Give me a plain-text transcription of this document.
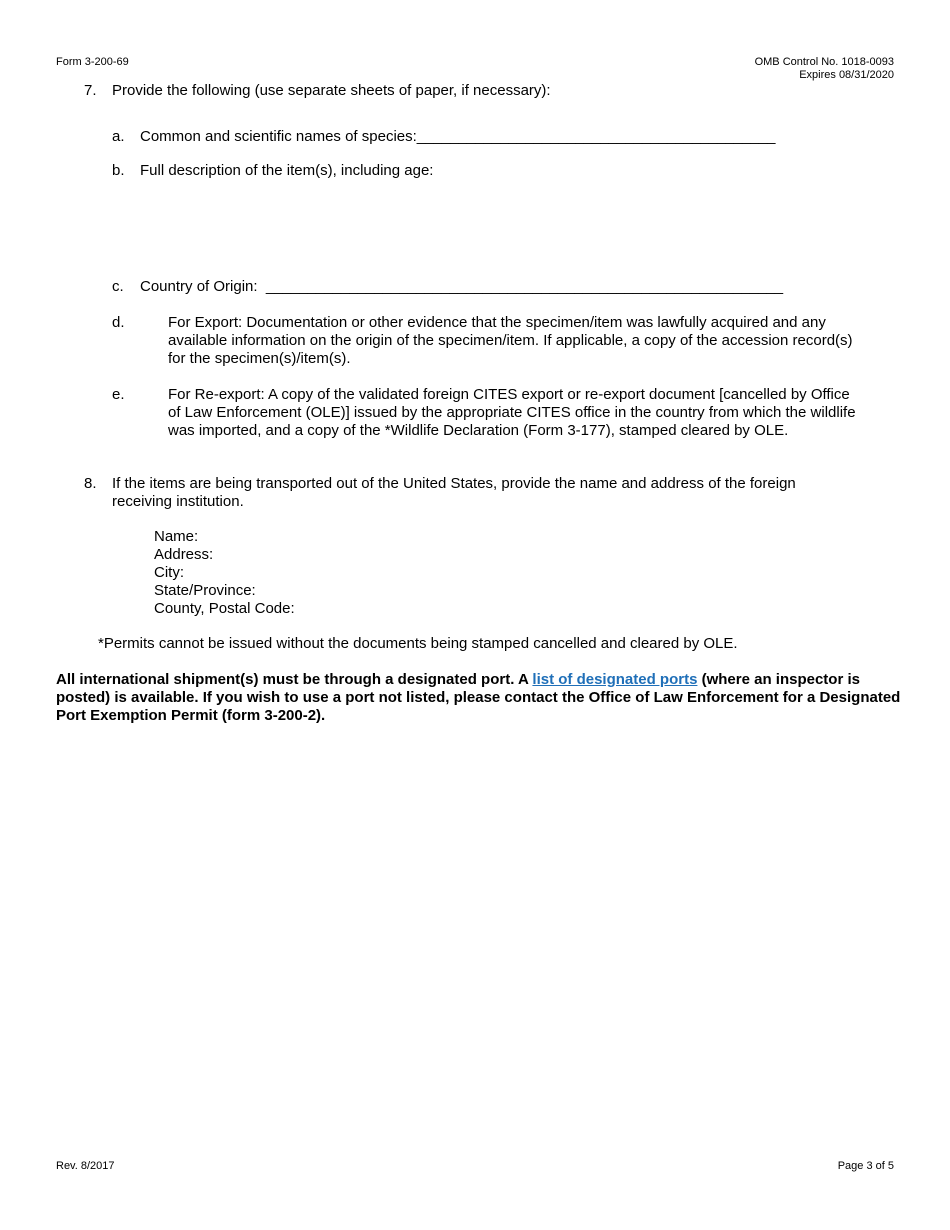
Form 3-200-69	OMB Control No. 1018-0093
Expires 08/31/2020
7. Provide the following (use separate sheets of paper, if necessary):
a. Common and scientific names of species:___________________________________________
b. Full description of the item(s), including age:
c. Country of Origin:  ______________________________________________________________
d.	For Export: Documentation or other evidence that the specimen/item was lawfully acquired and any available information on the origin of the specimen/item. If applicable, a copy of the accession record(s) for the specimen(s)/item(s).
e.	For Re-export: A copy of the validated foreign CITES export or re-export document [cancelled by Office of Law Enforcement (OLE)] issued by the appropriate CITES office in the country from which the wildlife was imported, and a copy of the *Wildlife Declaration (Form 3-177), stamped cleared by OLE.
8. If the items are being transported out of the United States, provide the name and address of the foreign receiving institution.
Name:
Address:
City:
State/Province:
County, Postal Code:
*Permits cannot be issued without the documents being stamped cancelled and cleared by OLE.
All international shipment(s) must be through a designated port. A list of designated ports (where an inspector is posted) is available. If you wish to use a port not listed, please contact the Office of Law Enforcement for a Designated Port Exemption Permit (form 3-200-2).
Rev. 8/2017	Page 3 of 5
